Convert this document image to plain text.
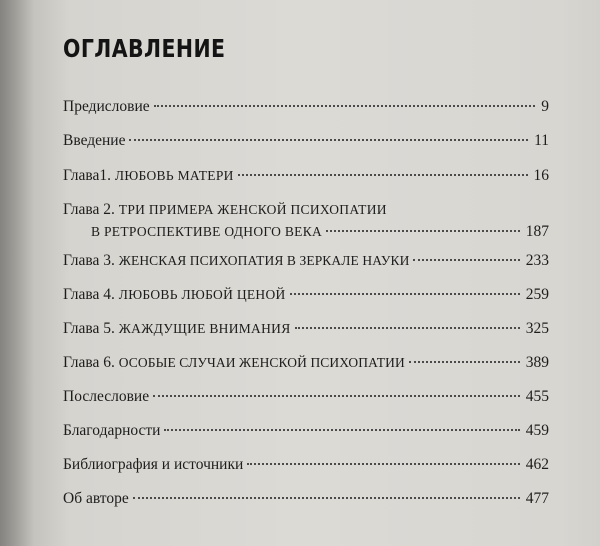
ОГЛАВЛЕНИЕ
Предисловие	9
Введение	11
Глава1. ЛЮБОВЬ МАТЕРИ	16
Глава 2. ТРИ ПРИМЕРА ЖЕНСКОЙ ПСИХОПАТИИ
В РЕТРОСПЕКТИВЕ ОДНОГО ВЕКА	187
Глава 3. ЖЕНСКАЯ ПСИХОПАТИЯ В ЗЕРКАЛЕ НАУКИ	233
Глава 4. ЛЮБОВЬ ЛЮБОЙ ЦЕНОЙ	259
Глава 5. ЖАЖДУЩИЕ ВНИМАНИЯ	325
Глава 6. ОСОБЫЕ СЛУЧАИ ЖЕНСКОЙ ПСИХОПАТИИ	389
Послесловие	455
Благодарности	459
Библиография и источники	462
Об авторе	477
